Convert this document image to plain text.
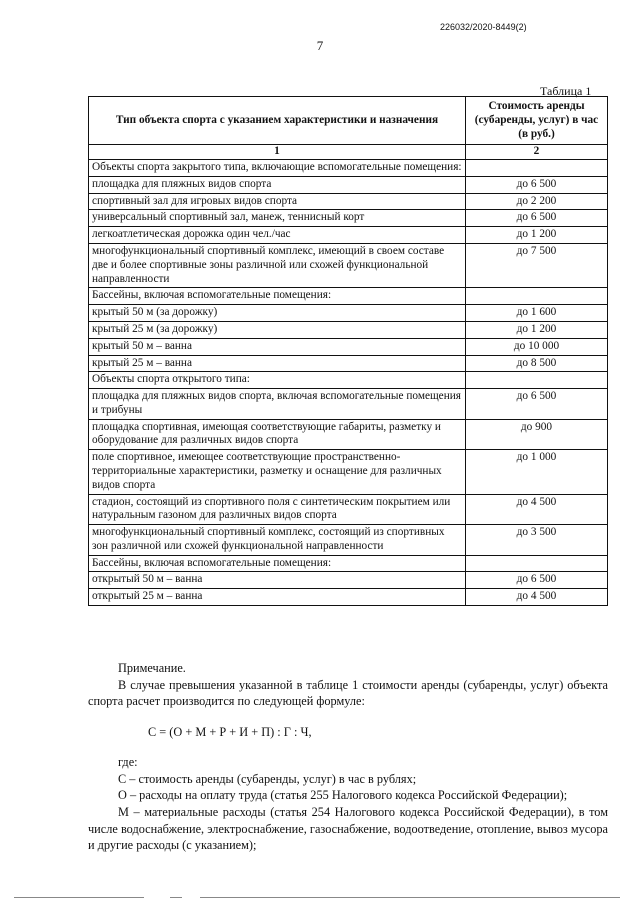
226032/2020-8449(2)
7
Таблица 1
Тип объекта спорта с указанием характеристики и назначения	Стоимость аренды (субаренды, услуг) в час (в руб.)
1	2
Объекты спорта закрытого типа, включающие вспомогательные помещения:	
площадка для пляжных видов спорта	до 6 500
спортивный зал для игровых видов спорта	до 2 200
универсальный спортивный зал, манеж, теннисный корт	до 6 500
легкоатлетическая дорожка один чел./час	до 1 200
многофункциональный спортивный комплекс, имеющий в своем составе две и более спортивные зоны различной или схожей функциональной направленности	до 7 500
Бассейны, включая вспомогательные помещения:	
крытый 50 м (за дорожку)	до 1 600
крытый 25 м (за дорожку)	до 1 200
крытый 50 м – ванна	до 10 000
крытый 25 м – ванна	до 8 500
Объекты спорта открытого типа:	
площадка для пляжных видов спорта, включая вспомогательные помещения и трибуны	до 6 500
площадка спортивная, имеющая соответствующие габариты, разметку и оборудование для различных видов спорта	до 900
поле спортивное, имеющее соответствующие пространственно-территориальные характеристики, разметку и оснащение для различных видов спорта	до 1 000
стадион, состоящий из спортивного поля с синтетическим покрытием или натуральным газоном для различных видов спорта	до 4 500
многофункциональный спортивный комплекс, состоящий из спортивных зон различной или схожей функциональной направленности	до 3 500
Бассейны, включая вспомогательные помещения:	
открытый 50 м – ванна	до 6 500
открытый 25 м – ванна	до 4 500

Примечание.

В случае превышения указанной в таблице 1 стоимости аренды (субаренды, услуг) объекта спорта расчет производится по следующей формуле:

С = (О + М + Р + И + П) : Г : Ч,

где:

С – стоимость аренды (субаренды, услуг) в час в рублях;

О – расходы на оплату труда (статья 255 Налогового кодекса Российской Федерации);

М – материальные расходы (статья 254 Налогового кодекса Российской Федерации), в том числе водоснабжение, электроснабжение, газоснабжение, водоотведение, отопление, вывоз мусора и другие расходы (с указанием);
